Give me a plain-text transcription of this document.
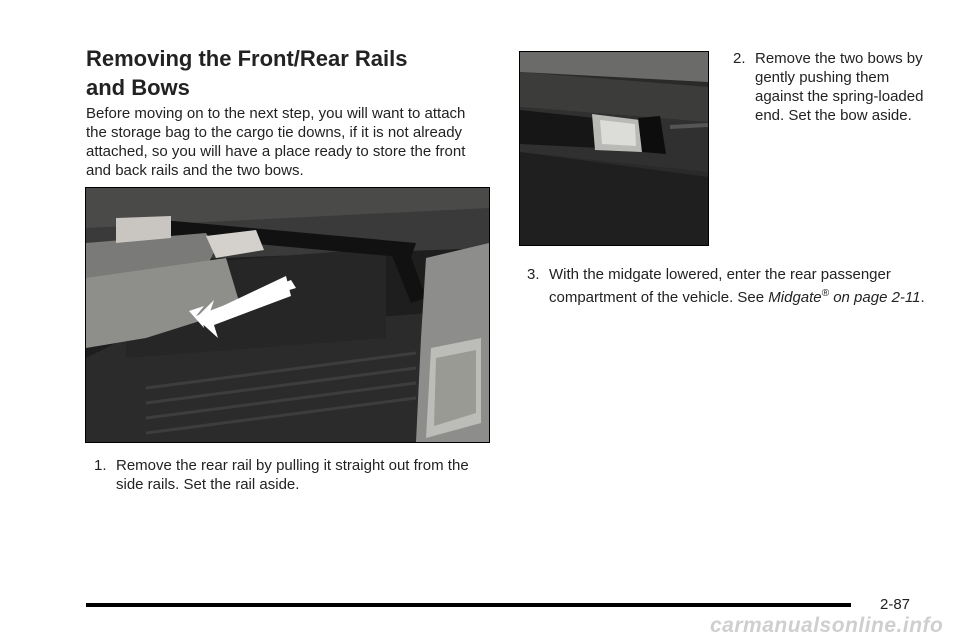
Removing the Front/Rear Rails
and Bows

Before moving on to the next step, you will want to attach the storage bag to the cargo tie downs, if it is not already attached, so you will have a place ready to store the front and back rails and the two bows.

1. Remove the rear rail by pulling it straight out from the side rails. Set the rail aside.
2. Remove the two bows by gently pushing them against the spring-loaded end. Set the bow aside.
3. With the midgate lowered, enter the rear passenger compartment of the vehicle. See Midgate® on page 2-11.
2-87
carmanualsonline.info
